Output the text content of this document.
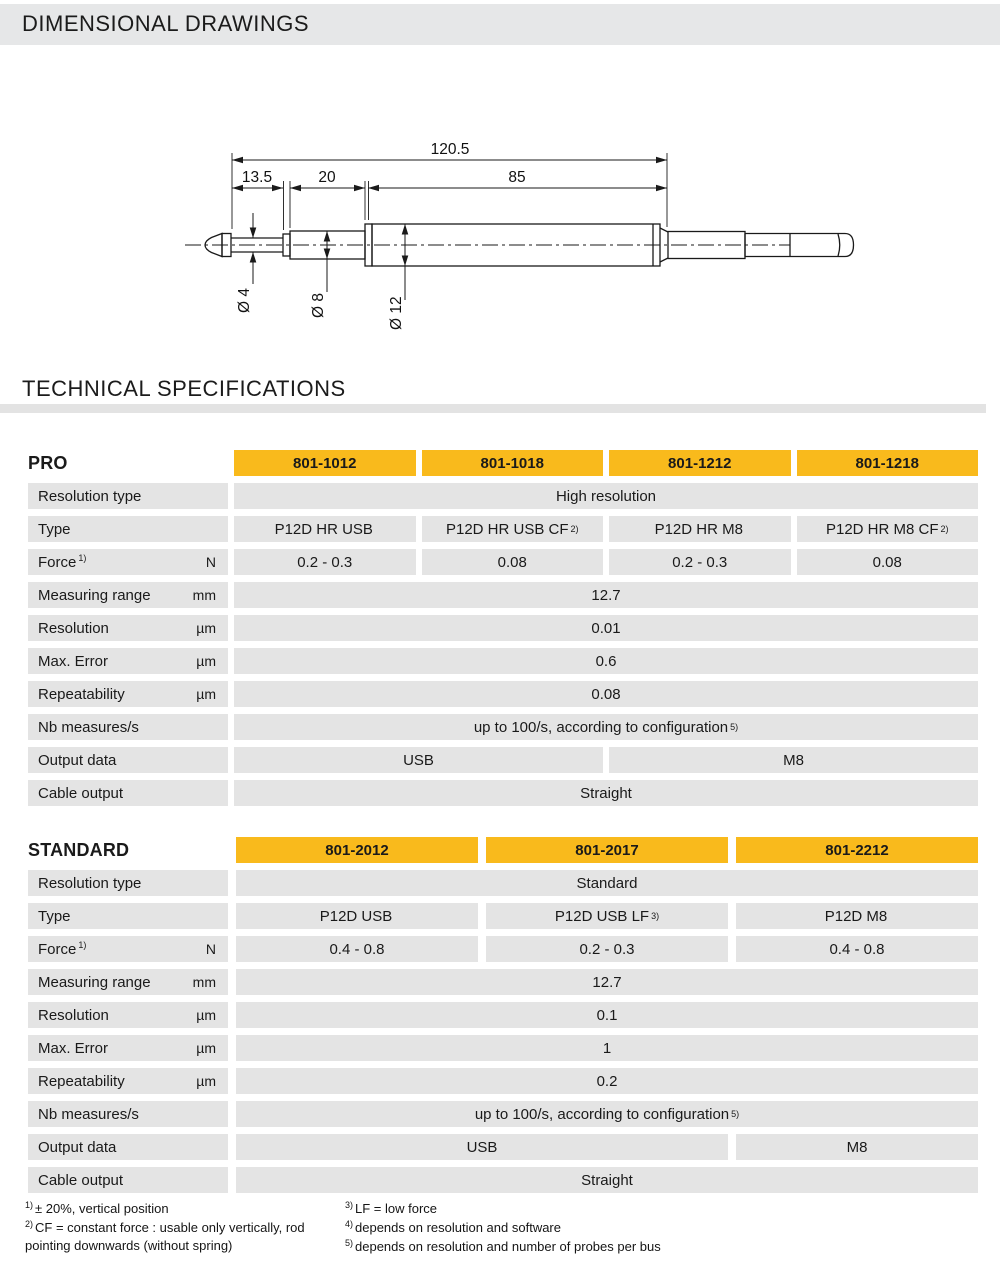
DIMENSIONAL DRAWINGS
120.5
13.5	20	85
Ø 4	Ø 8	Ø 12
TECHNICAL SPECIFICATIONS
PRO	801-1012	801-1018	801-1212	801-1218
Resolution type	High resolution
Type	P12D HR USB	P12D HR USB CF 2)	P12D HR M8	P12D HR M8 CF 2)
Force $^{1)}$	N	0.2 - 0.3	0.08	0.2 - 0.3	0.08
Measuring range	mm	12.7
Resolution	µm	0.01
Max. Error	µm	0.6
Repeatability	µm	0.08
Nb measures/s	up to 100/s, according to configuration 5)
Output data	USB	M8
Cable output	Straight
STANDARD	801-2012	801-2017	801-2212
Resolution type	Standard
Type	P12D USB	P12D USB LF 3)	P12D M8
Force $^{1)}$	N	0.4 - 0.8	0.2 - 0.3	0.4 - 0.8
Measuring range	mm	12.7
Resolution	µm	0.1
Max. Error	µm	1
Repeatability	µm	0.2
Nb measures/s	up to 100/s, according to configuration 5)
Output data	USB	M8
Cable output	Straight

$^{1)}$ ± 20%, vertical position

$^{2)}$ CF = constant force : usable only vertically, rod pointing downwards (without spring)

$^{3)}$ LF = low force

$^{4)}$ depends on resolution and software

$^{5)}$ depends on resolution and number of probes per bus
